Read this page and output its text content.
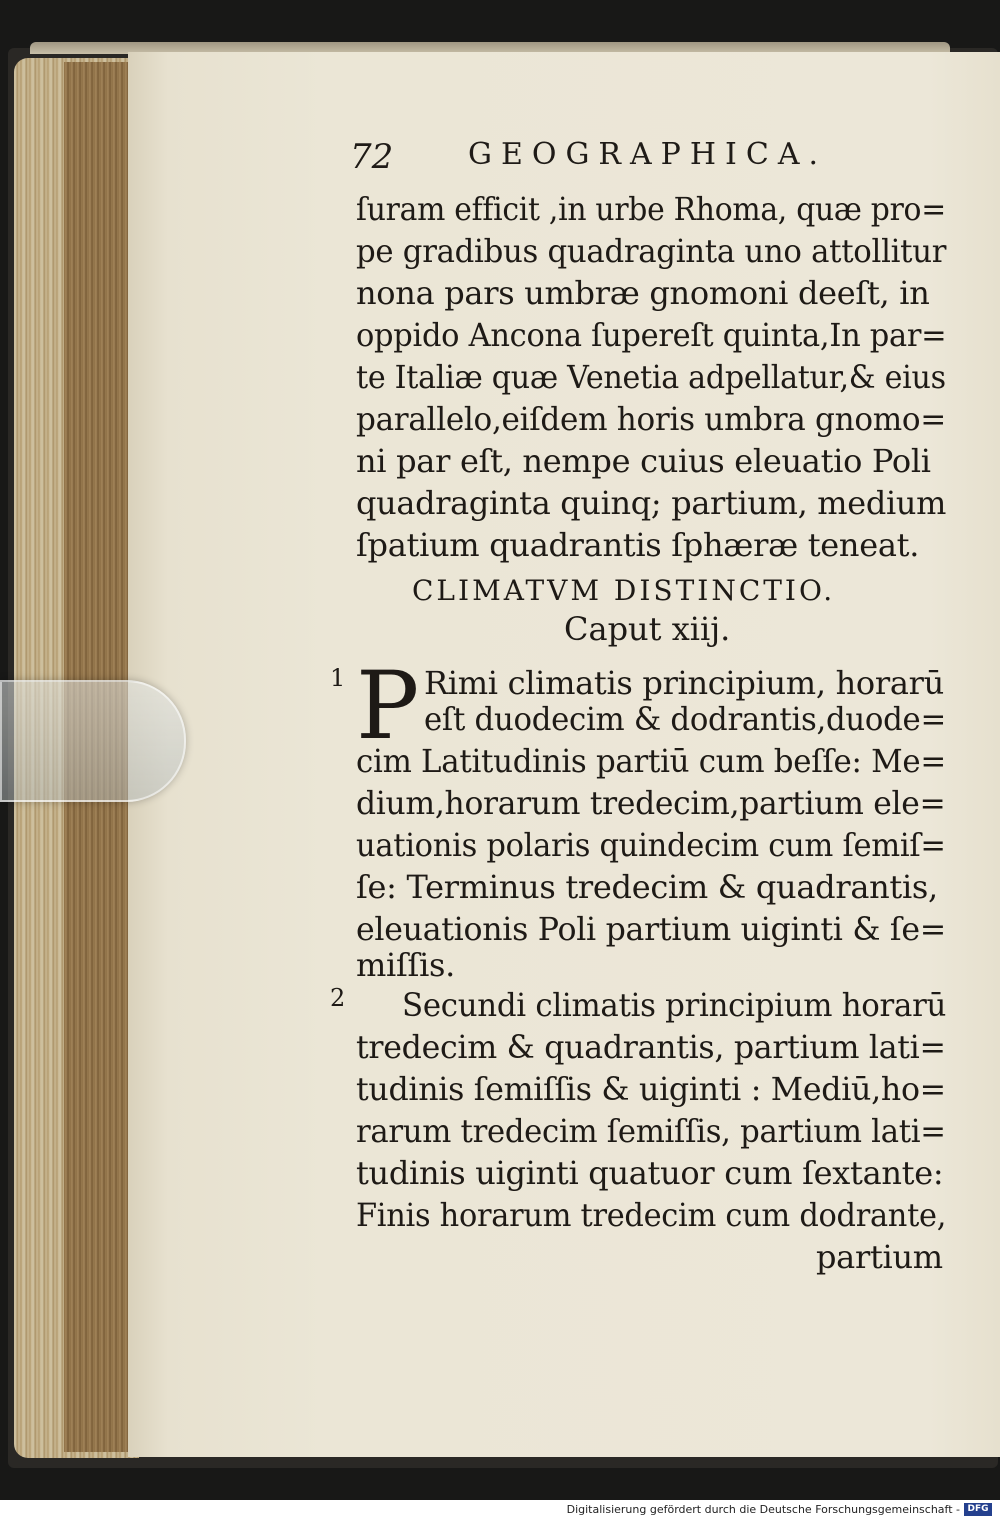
72 GEOGRAPHICA.
ſuram efficit ,in urbe Rhoma, quæ pro=
pe gradibus quadraginta uno attollitur
nona pars umbræ gnomoni deeſt, in
oppido Ancona ſupereſt quinta,In par=
te Italiæ quæ Venetia adpellatur,& eius
parallelo,eiſdem horis umbra gnomo=
ni par eſt, nempe cuius eleuatio Poli
quadraginta quinq; partium, medium
ſpatium quadrantis ſphæræ teneat.
CLIMATVM DISTINCTIO.
Caput xiij.
P Rimi climatis principium, horarū
eſt duodecim & dodrantis,duode=
cim Latitudinis partiū cum beſſe: Me=
dium,horarum tredecim,partium ele=
uationis polaris quindecim cum ſemiſ=
ſe: Terminus tredecim & quadrantis,
eleuationis Poli partium uiginti & ſe=
miſſis.
Secundi climatis principium horarū
tredecim & quadrantis, partium lati=
tudinis ſemiſſis & uiginti : Mediū,ho=
rarum tredecim ſemiſſis, partium lati=
tudinis uiginti quatuor cum ſextante:
Finis horarum tredecim cum dodrante,
partium
1
2
Digitalisierung gefördert durch die Deutsche Forschungsgemeinschaft - DFG
